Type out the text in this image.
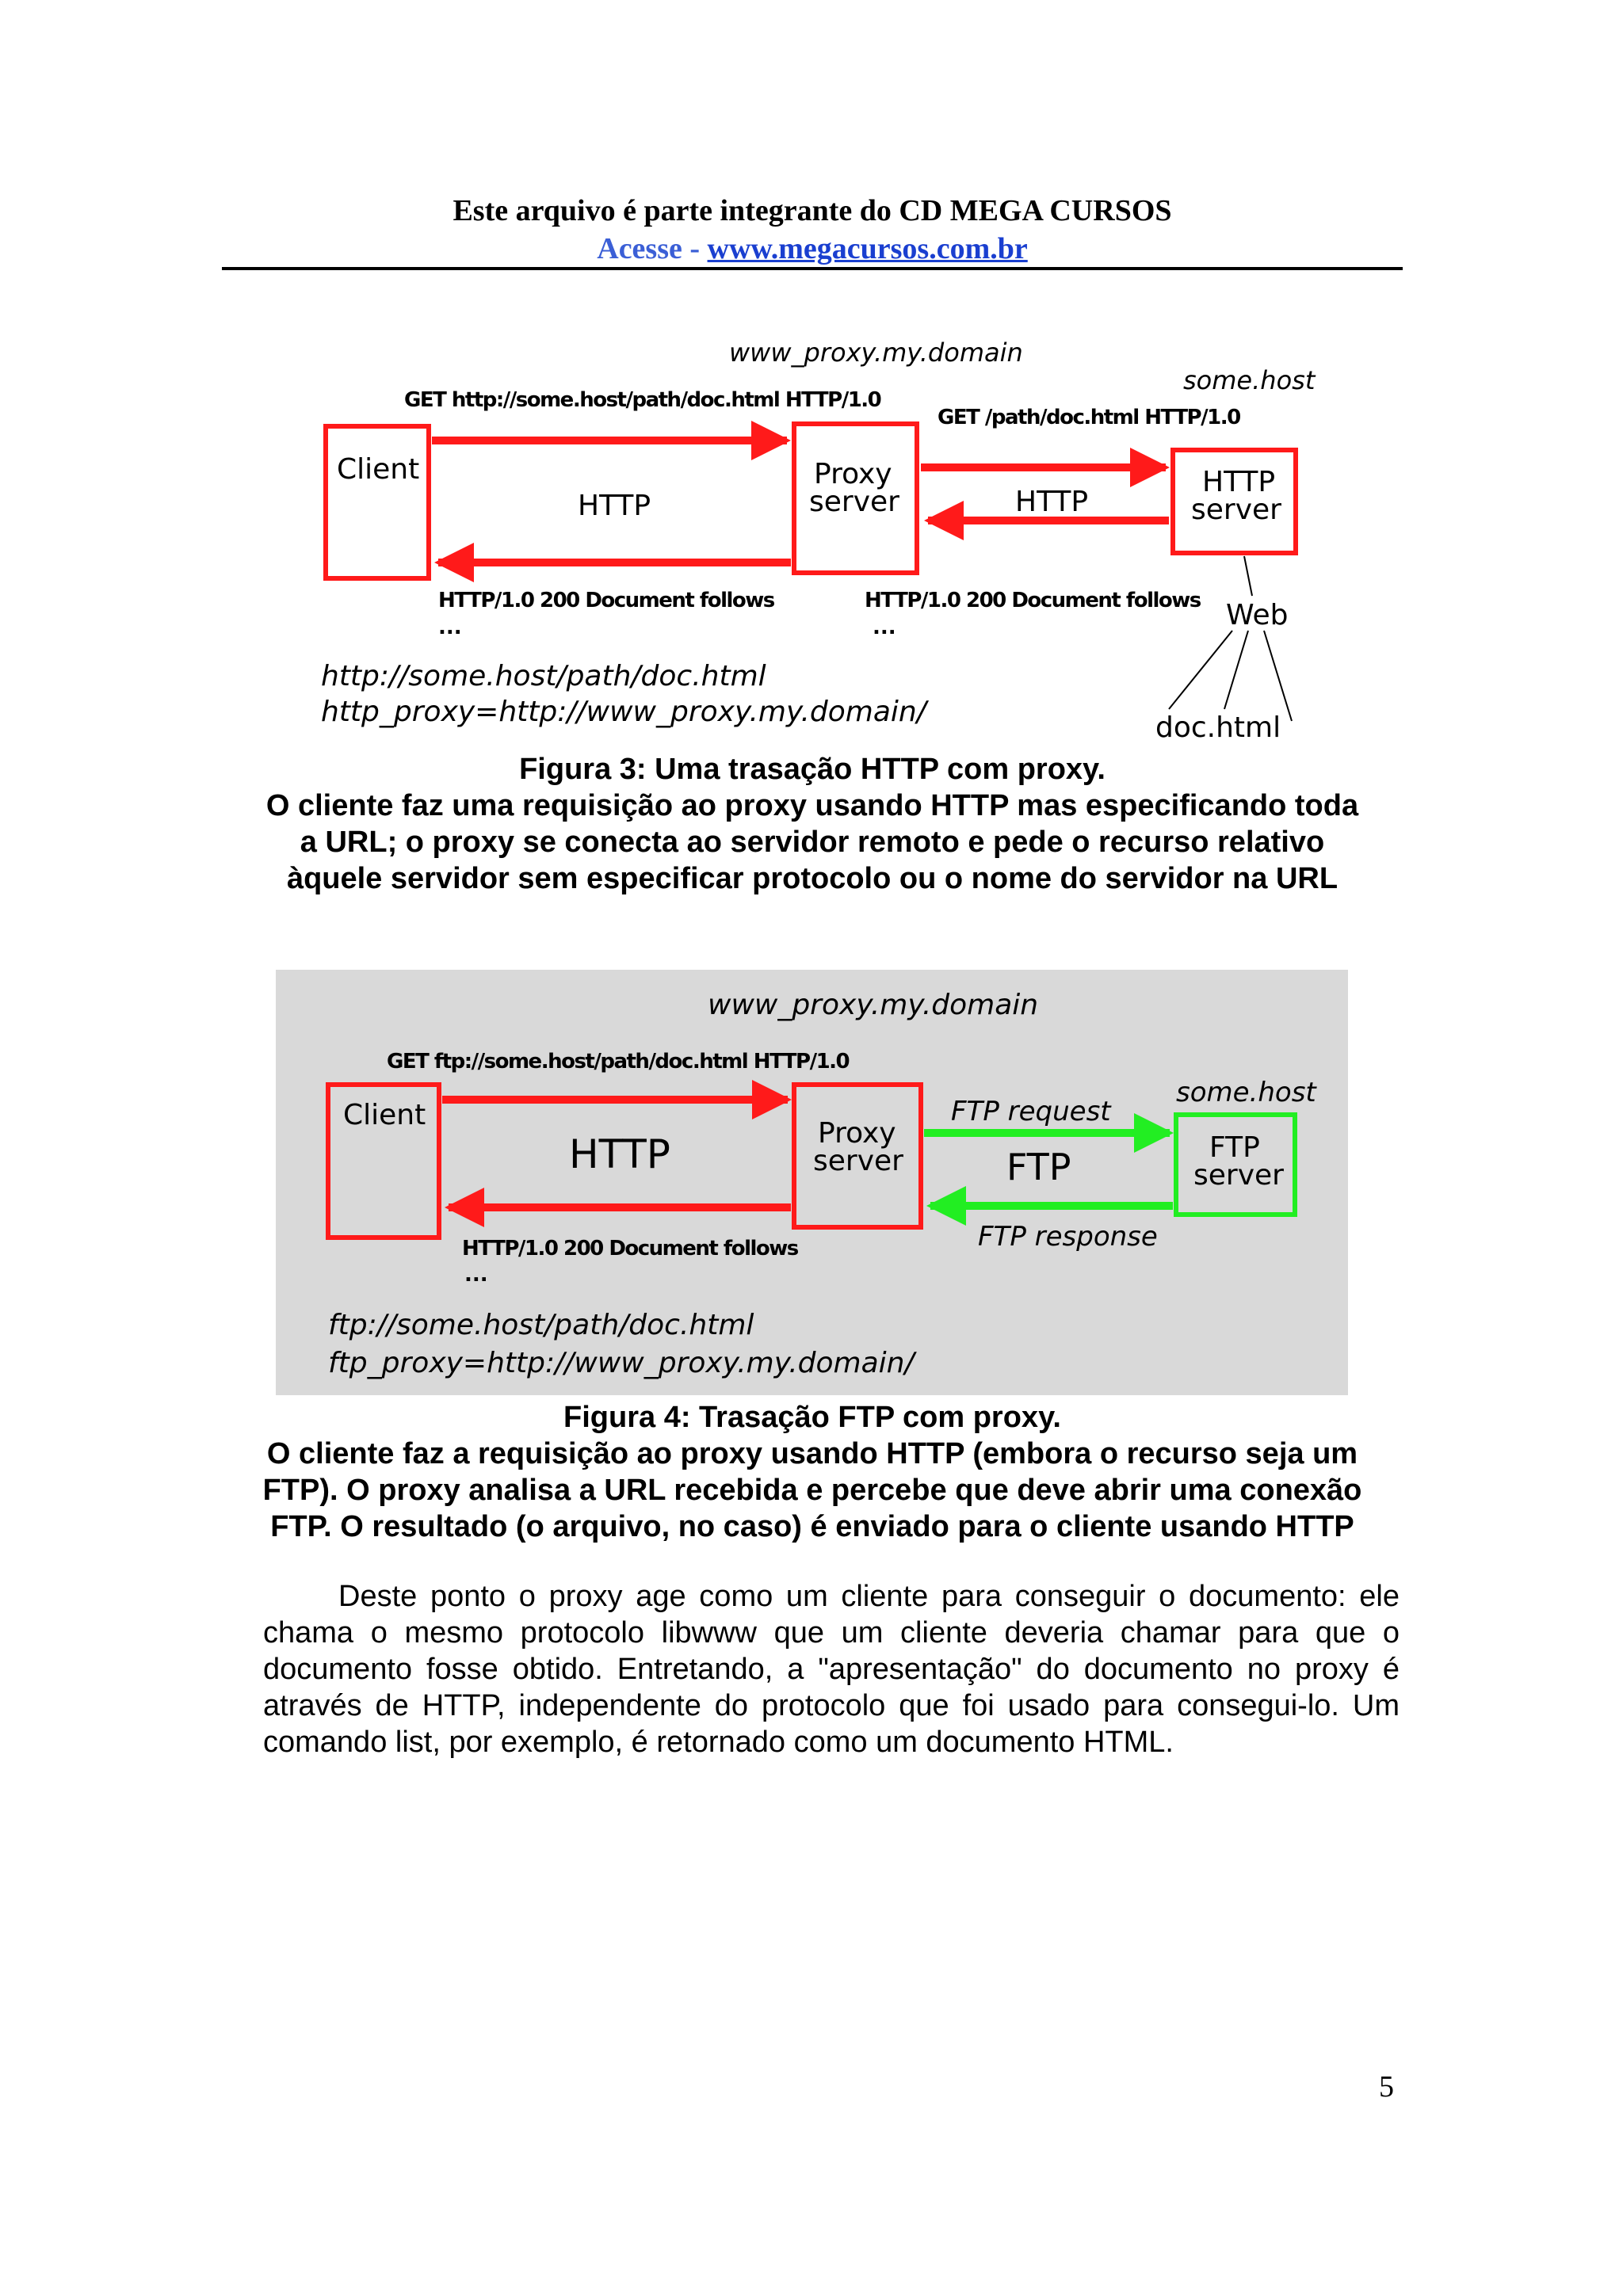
Este arquivo é parte integrante do CD MEGA CURSOS
Acesse - www.megacursos.com.br
www_proxy.my.domain
some.host
GET http://some.host/path/doc.html HTTP/1.0
GET /path/doc.html HTTP/1.0
Client	Proxy
server
HTTP
server
HTTP	HTTP
HTTP/1.0 200 Document follows
...
HTTP/1.0 200 Document follows
...	Web
doc.html
http://some.host/path/doc.html
http_proxy=http://www_proxy.my.domain/
Figura 3: Uma trasação HTTP com proxy.
O cliente faz uma requisição ao proxy usando HTTP mas especificando toda
a URL; o proxy se conecta ao servidor remoto e pede o recurso relativo
àquele servidor sem especificar protocolo ou o nome do servidor na URL
www_proxy.my.domain
GET ftp://some.host/path/doc.html HTTP/1.0
some.host
Client
Proxy
server	FTP
server
HTTP	FTP
FTP request
FTP response
HTTP/1.0 200 Document follows
...
ftp://some.host/path/doc.html
ftp_proxy=http://www_proxy.my.domain/
Figura 4: Trasação FTP com proxy.
O cliente faz a requisição ao proxy usando HTTP (embora o recurso seja um
FTP). O proxy analisa a URL recebida e percebe que deve abrir uma conexão
FTP. O resultado (o arquivo, no caso) é enviado para o cliente usando HTTP
Deste ponto o proxy age como um cliente para conseguir o documento: ele chama o mesmo protocolo libwww que um cliente deveria chamar para que o documento fosse obtido. Entretando, a "apresentação" do documento no proxy é através de HTTP, independente do protocolo que foi usado para consegui-lo. Um comando list, por exemplo, é retornado como um documento HTML.
5
